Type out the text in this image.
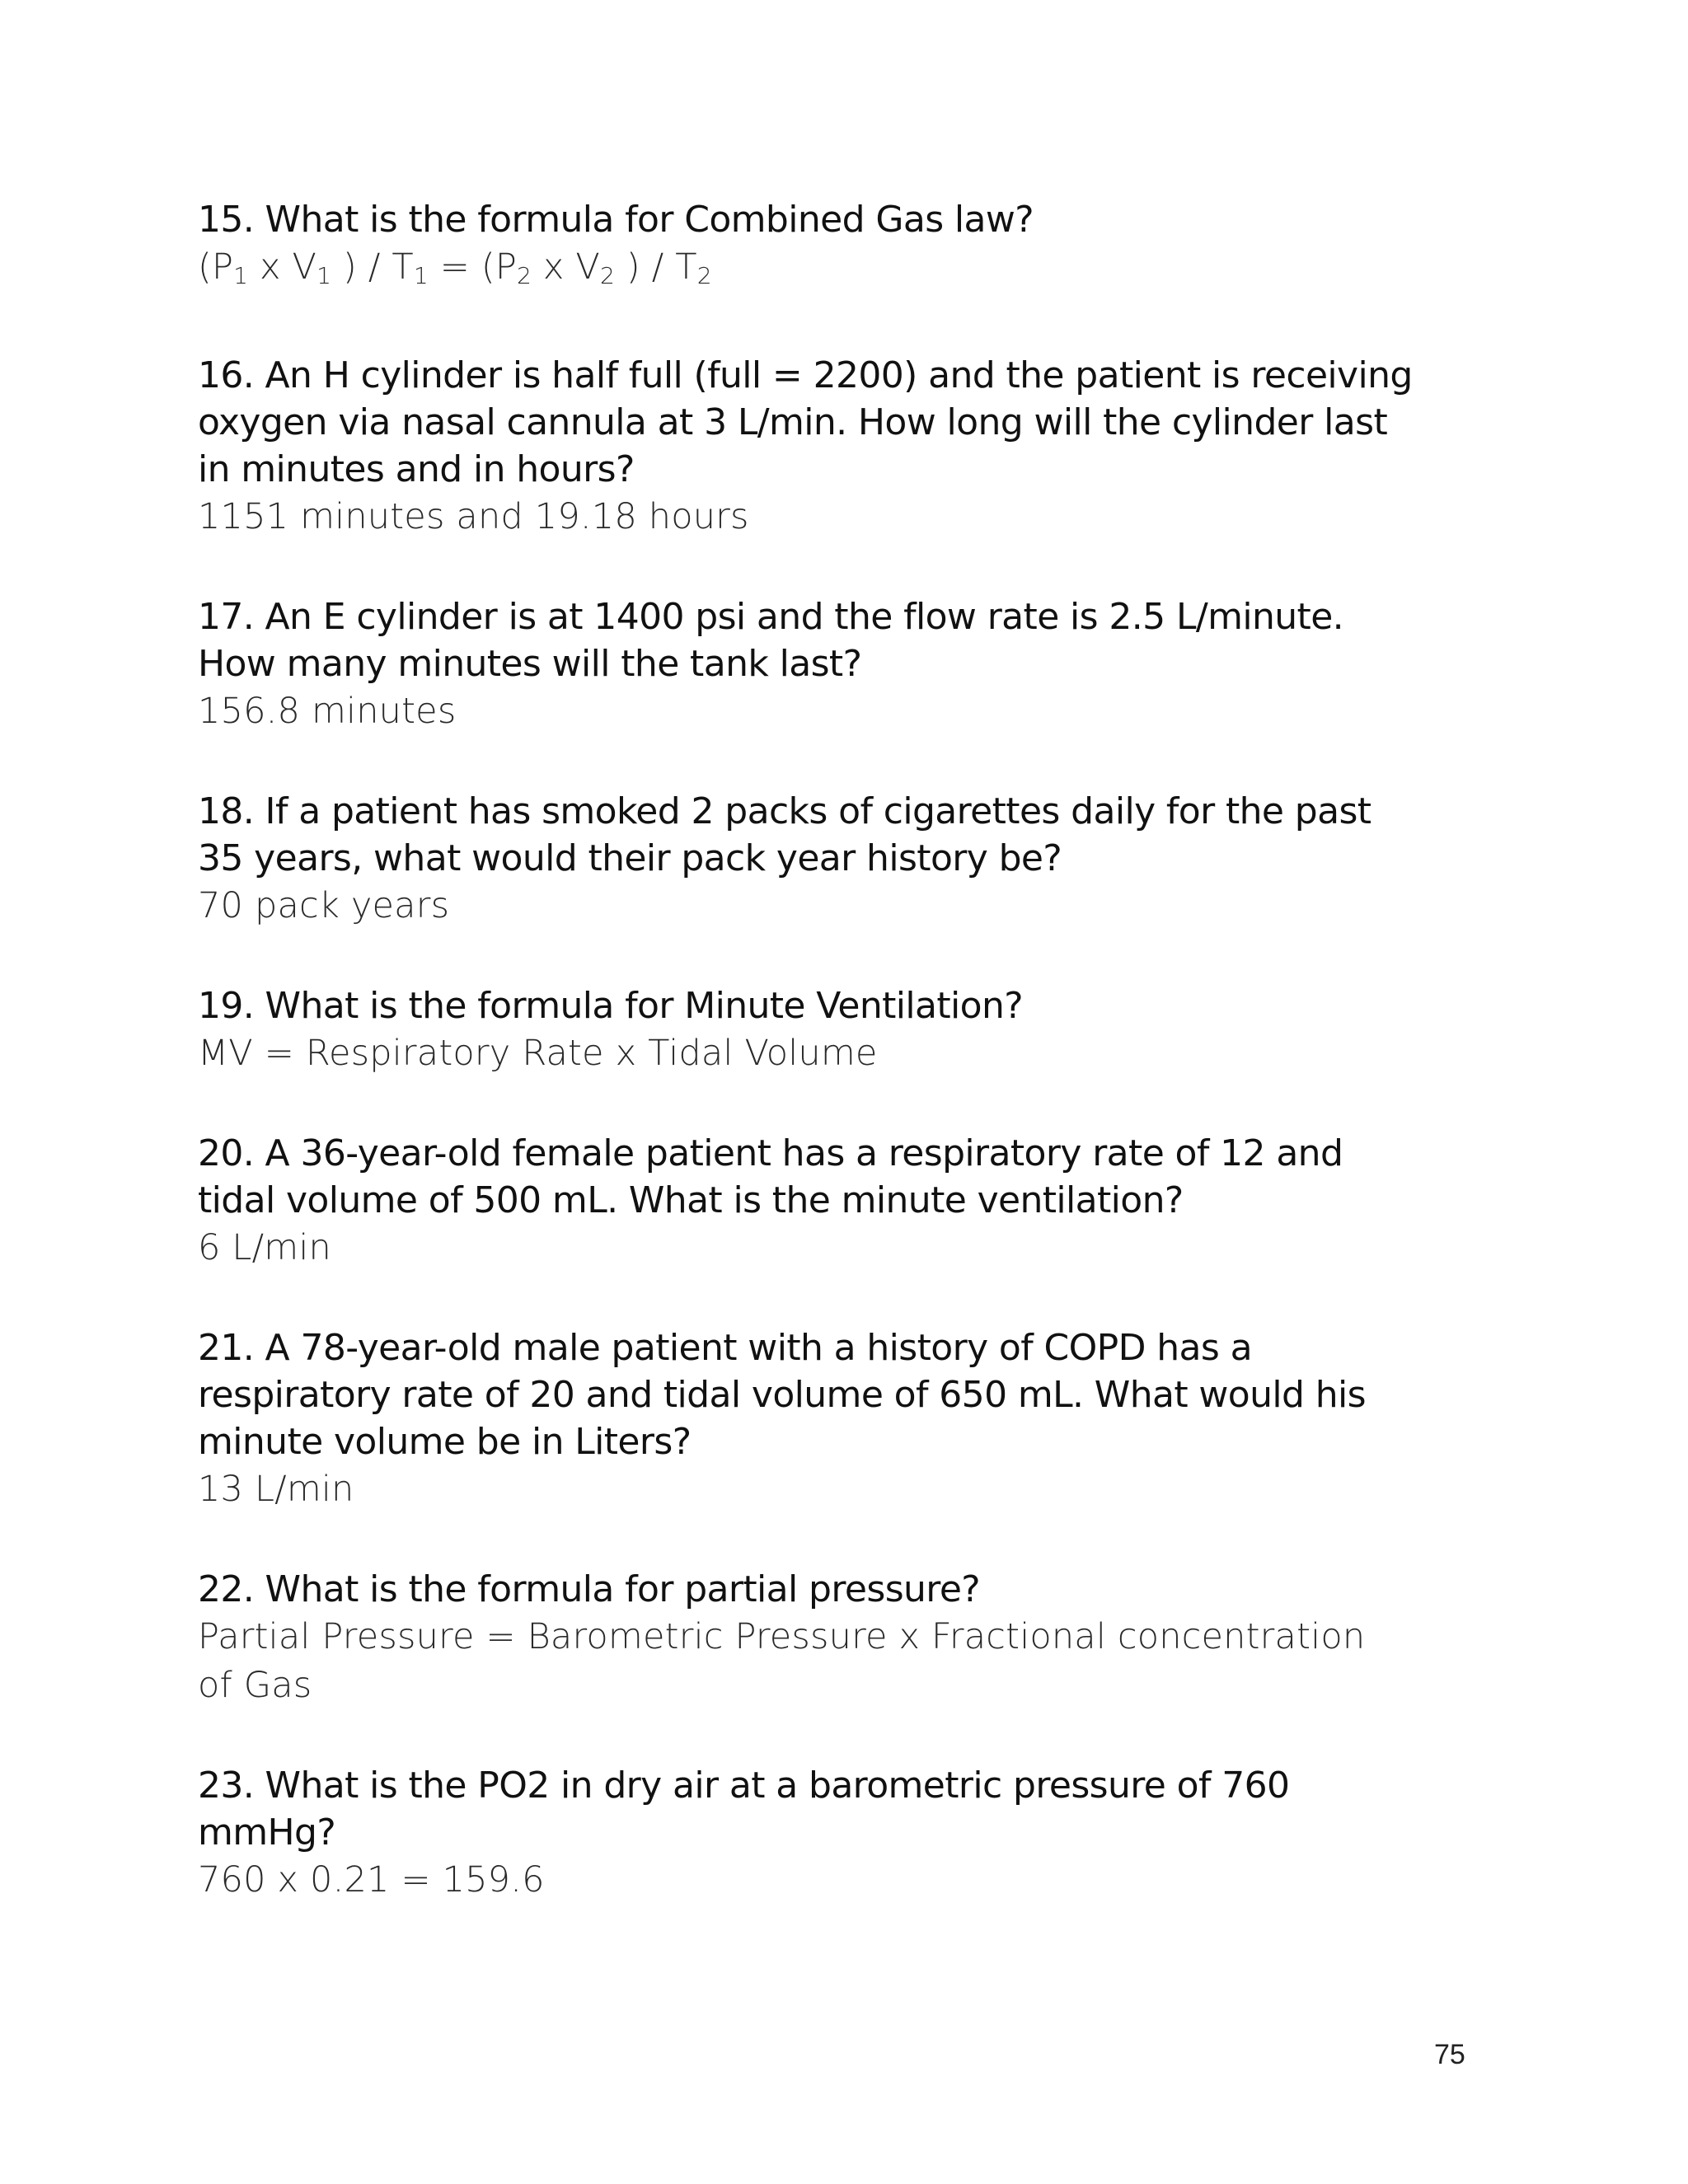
15. What is the formula for Combined Gas law?

(P1 x V1 ) / T1 = (P2 x V2 ) / T2

16. An H cylinder is half full (full = 2200) and the patient is receiving

oxygen via nasal cannula at 3 L/min. How long will the cylinder last

in minutes and in hours?

1151 minutes and 19.18 hours

17. An E cylinder is at 1400 psi and the flow rate is 2.5 L/minute.

How many minutes will the tank last?

156.8 minutes

18. If a patient has smoked 2 packs of cigarettes daily for the past

35 years, what would their pack year history be?

70 pack years

19. What is the formula for Minute Ventilation?

MV = Respiratory Rate x Tidal Volume

20. A 36-year-old female patient has a respiratory rate of 12 and

tidal volume of 500 mL. What is the minute ventilation?

6 L/min

21. A 78-year-old male patient with a history of COPD has a

respiratory rate of 20 and tidal volume of 650 mL. What would his

minute volume be in Liters?

13 L/min

22. What is the formula for partial pressure?

Partial Pressure = Barometric Pressure x Fractional concentration

of Gas

23. What is the PO2 in dry air at a barometric pressure of 760

mmHg?

760 x 0.21 = 159.6

75
